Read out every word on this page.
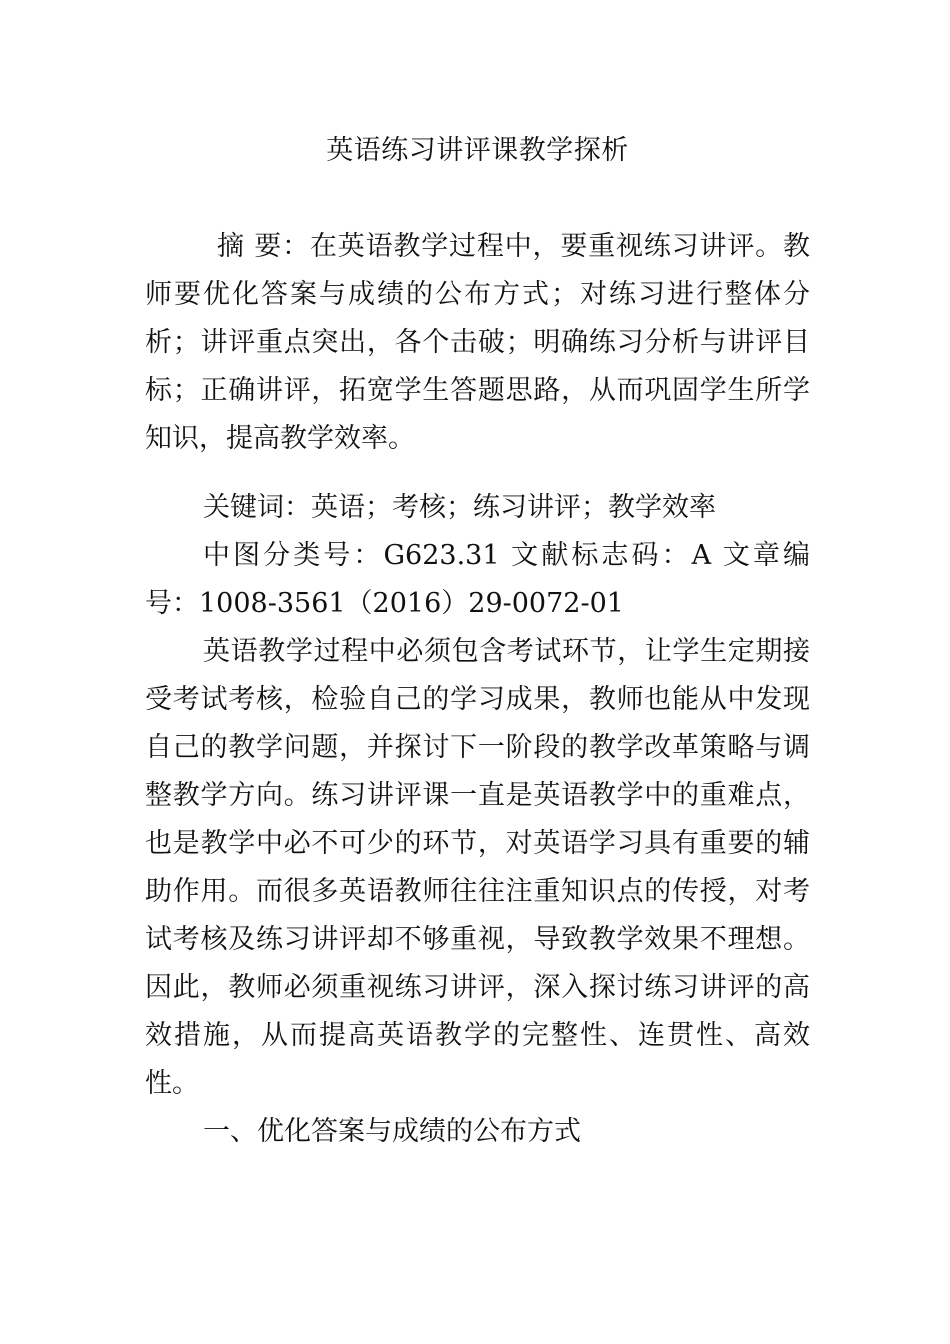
英语练习讲评课教学探析

摘 要：在英语教学过程中，要重视练习讲评。教师要优化答案与成绩的公布方式；对练习进行整体分析；讲评重点突出，各个击破；明确练习分析与讲评目标；正确讲评，拓宽学生答题思路，从而巩固学生所学知识，提高教学效率。

关键词：英语；考核；练习讲评；教学效率

中图分类号：G623.31 文献标志码：A 文章编号：1008-3561（2016）29-0072-01

英语教学过程中必须包含考试环节，让学生定期接受考试考核，检验自己的学习成果，教师也能从中发现自己的教学问题，并探讨下一阶段的教学改革策略与调整教学方向。练习讲评课一直是英语教学中的重难点，也是教学中必不可少的环节，对英语学习具有重要的辅助作用。而很多英语教师往往注重知识点的传授，对考试考核及练习讲评却不够重视，导致教学效果不理想。因此，教师必须重视练习讲评，深入探讨练习讲评的高效措施，从而提高英语教学的完整性、连贯性、高效性。

一、优化答案与成绩的公布方式
